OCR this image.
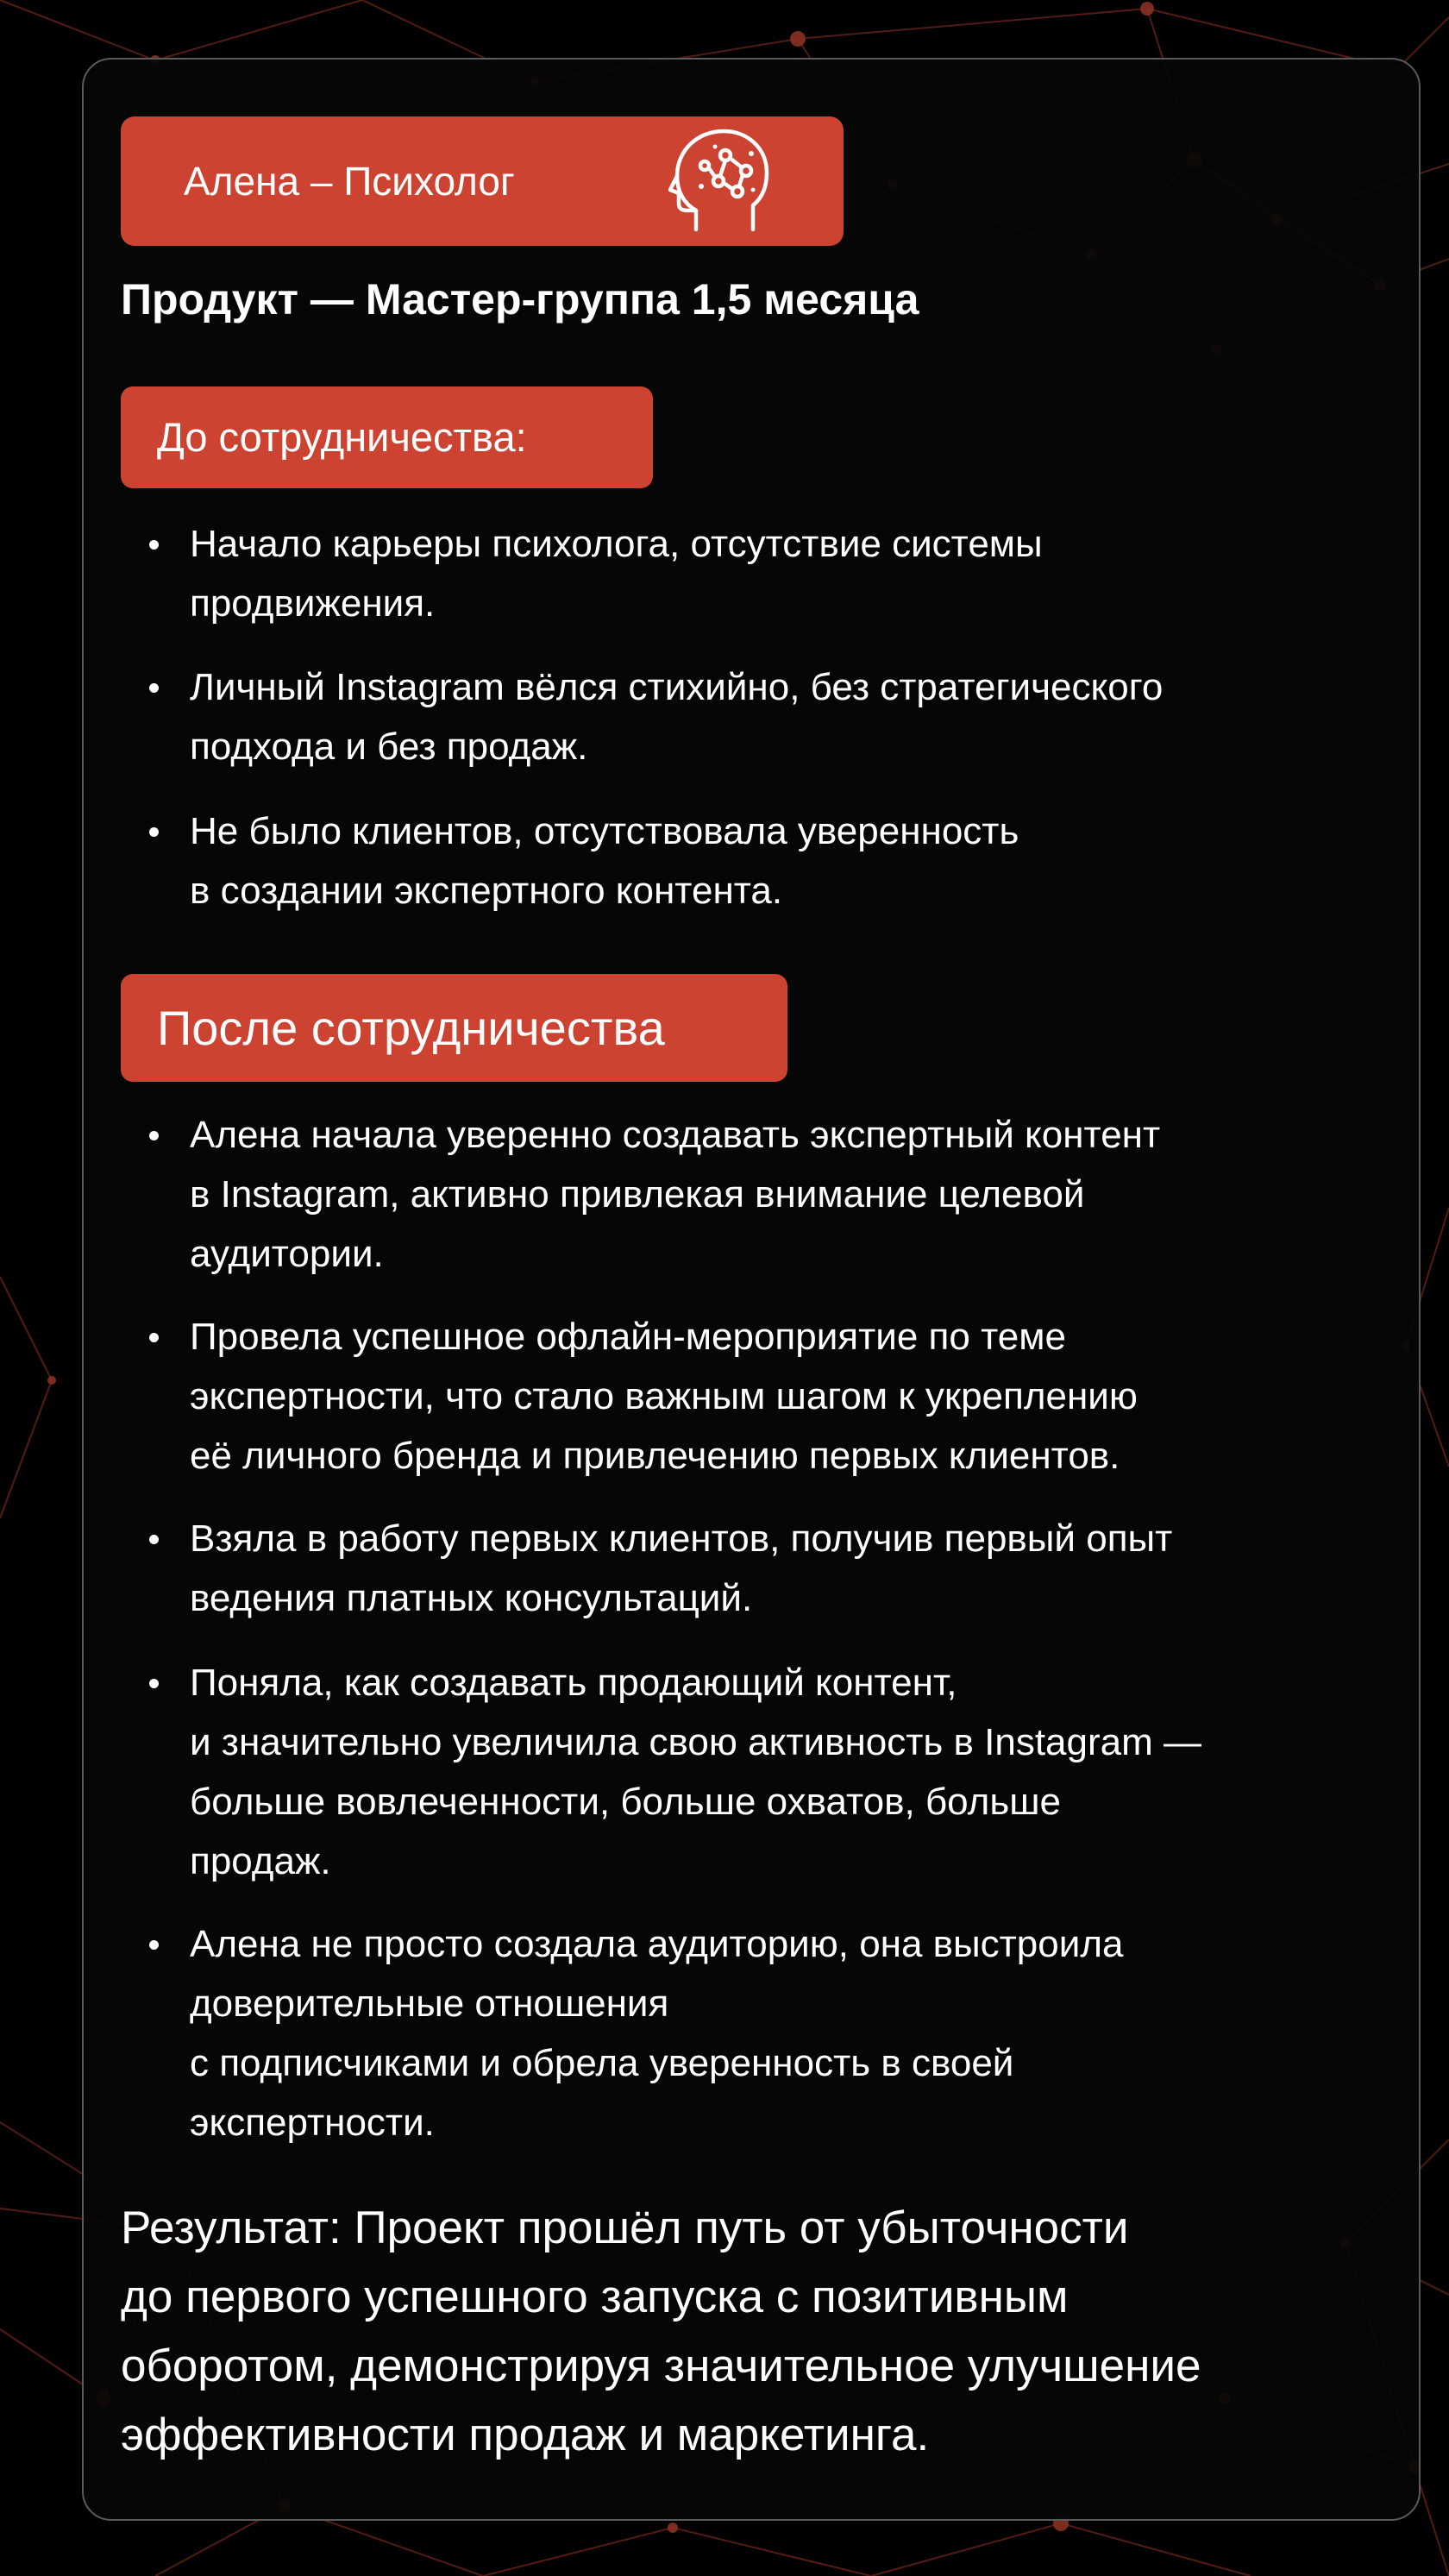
Алена – Психолог
Продукт — Мастер-группа 1,5 месяца
До сотрудничества:
Начало карьеры психолога, отсутствие системы
продвижения.
Личный Instagram вёлся стихийно, без стратегического
подхода и без продаж.
Не было клиентов, отсутствовала уверенность
в создании экспертного контента.
После сотрудничества
Алена начала уверенно создавать экспертный контент
в Instagram, активно привлекая внимание целевой
аудитории.
Провела успешное офлайн-мероприятие по теме
экспертности, что стало важным шагом к укреплению
её личного бренда и привлечению первых клиентов.
Взяла в работу первых клиентов, получив первый опыт
ведения платных консультаций.
Поняла, как создавать продающий контент,
и значительно увеличила свою активность в Instagram —
больше вовлеченности, больше охватов, больше
продаж.
Алена не просто создала аудиторию, она выстроила
доверительные отношения
с подписчиками и обрела уверенность в своей
экспертности.
Результат: Проект прошёл путь от убыточности
до первого успешного запуска с позитивным
оборотом, демонстрируя значительное улучшение
эффективности продаж и маркетинга.
